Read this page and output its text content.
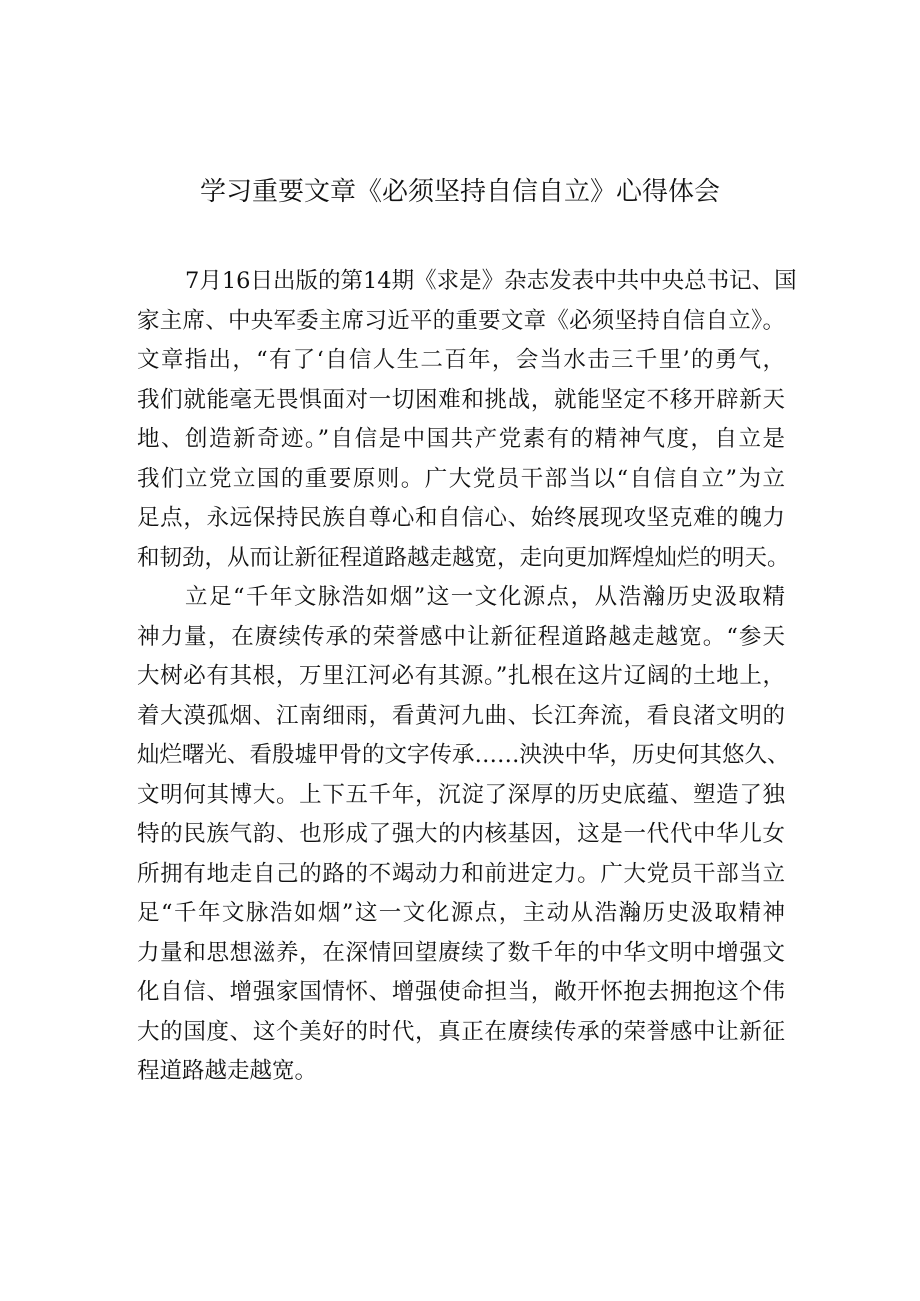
学习重要文章《必须坚持自信自立》心得体会
7月16日出版的第14期《求是》杂志发表中共中央总书记、国
家主席、中央军委主席习近平的重要文章《必须坚持自信自立》。
文章指出，“有了‘自信人生二百年，会当水击三千里’的勇气，
我们就能毫无畏惧面对一切困难和挑战，就能坚定不移开辟新天
地、创造新奇迹。”自信是中国共产党素有的精神气度，自立是
我们立党立国的重要原则。广大党员干部当以“自信自立”为立
足点，永远保持民族自尊心和自信心、始终展现攻坚克难的魄力
和韧劲，从而让新征程道路越走越宽，走向更加辉煌灿烂的明天。
立足“千年文脉浩如烟”这一文化源点，从浩瀚历史汲取精
神力量，在赓续传承的荣誉感中让新征程道路越走越宽。“参天
大树必有其根，万里江河必有其源。”扎根在这片辽阔的土地上，
着大漠孤烟、江南细雨，看黄河九曲、长江奔流，看良渚文明的
灿烂曙光、看殷墟甲骨的文字传承……泱泱中华，历史何其悠久、
文明何其博大。上下五千年，沉淀了深厚的历史底蕴、塑造了独
特的民族气韵、也形成了强大的内核基因，这是一代代中华儿女
所拥有地走自己的路的不竭动力和前进定力。广大党员干部当立
足“千年文脉浩如烟”这一文化源点，主动从浩瀚历史汲取精神
力量和思想滋养，在深情回望赓续了数千年的中华文明中增强文
化自信、增强家国情怀、增强使命担当，敞开怀抱去拥抱这个伟
大的国度、这个美好的时代，真正在赓续传承的荣誉感中让新征
程道路越走越宽。
